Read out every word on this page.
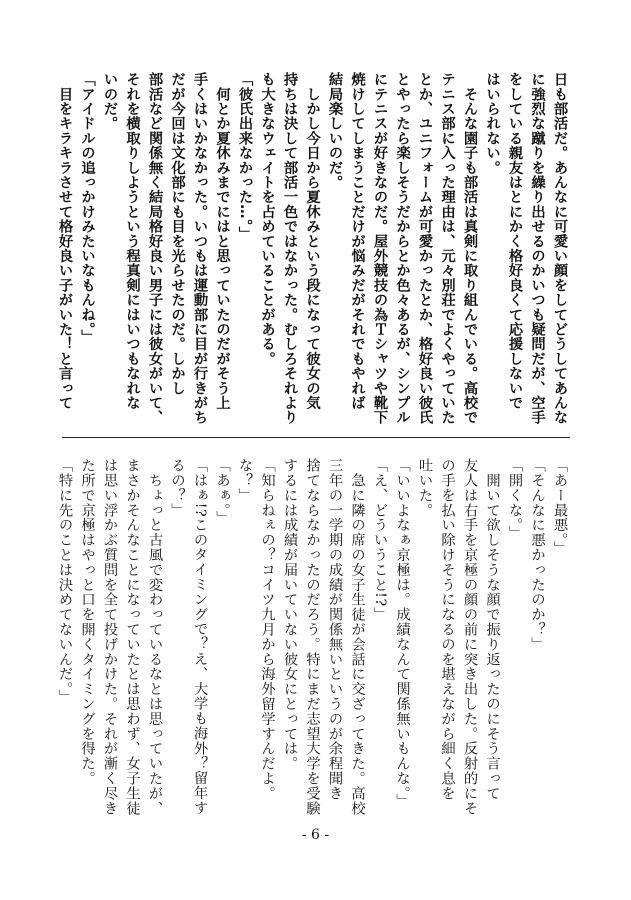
日も部活だ。あんなに可愛い顔をしてどうしてあんな
に強烈な蹴りを繰り出せるのかいつも疑問だが、空手
をしている親友はとにかく格好良くて応援しないで
はいられない。
　そんな園子も部活は真剣に取り組んでいる。高校で
テニス部に入った理由は、元々別荘でよくやっていた
とか、ユニフォームが可愛かったとか、格好良い彼氏
とやったら楽しそうだからとか色々あるが、シンプル
にテニスが好きなのだ。屋外競技の為Ｔシャツや靴下
焼けしてしまうことだけが悩みだがそれでもやれば
結局楽しいのだ。
　しかし今日から夏休みという段になって彼女の気
持ちは決して部活一色ではなかった。むしろそれより
も大きなウェイトを占めていることがある。
「彼氏出来なかった…。」
　何とか夏休みまでにはと思っていたのだがそう上
手くはいかなかった。いつもは運動部に目が行きがち
だが今回は文化部にも目を光らせたのだ。しかし
部活など関係無く結局格好良い男子には彼女がいて、
それを横取りしようという程真剣にはいつもなれな
いのだ。
「アイドルの追っかけみたいなもんね。」
　目をキラキラさせて格好良い子がいた！と言って
「あー最悪。」
「そんなに悪かったのか？」
「開くな。」
　開いて欲しそうな顔で振り返ったのにそう言って
友人は右手を京極の顔の前に突き出した。反射的にそ
の手を払い除けそうになるのを堪えながら細く息を
吐いた。
「いいよなぁ京極は。成績なんて関係無いもんな。」
「え、どういうこと!?」
　急に隣の席の女子生徒が会話に交ざってきた。高校
三年の一学期の成績が関係無いというのが余程聞き
捨てならなかったのだろう。特にまだ志望大学を受験
するには成績が届いていない彼女にとっては。
「知らねぇの？コイツ九月から海外留学すんだよ。
な？」
「あぁ。」
「はぁ!?このタイミングで？え、大学も海外？留年す
るの？」
　ちょっと古風で変わっているなとは思っていたが、
まさかそんなことになっていたとは思わず、女子生徒
は思い浮かぶ質問を全て投げかけた。それが漸く尽き
た所で京極はやっと口を開くタイミングを得た。
「特に先のことは決めてないんだ。」
- 6 -
